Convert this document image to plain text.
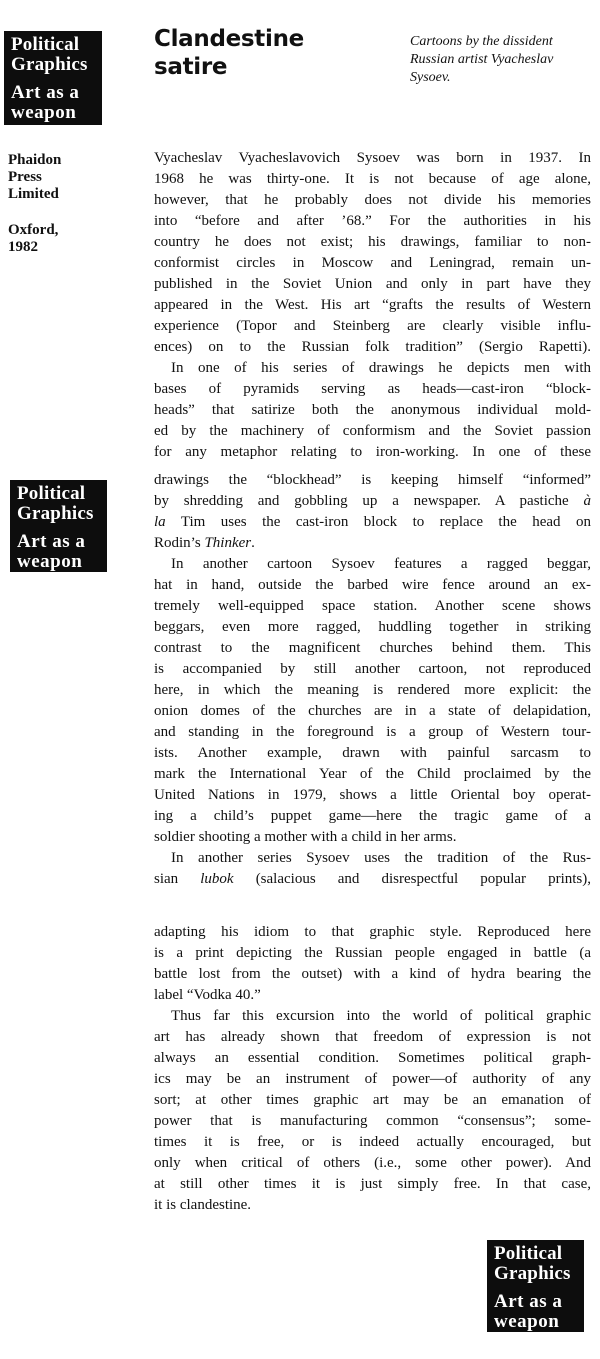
Political
Graphics
Art as a
weapon
Political
Graphics
Art as a
weapon
Political
Graphics
Art as a
weapon
Phaidon
Press
Limited
Oxford,
1982
Clandestine
satire
Cartoons by the dissident
Russian artist Vyacheslav
Sysoev.

Vyacheslav Vyacheslavovich Sysoev was born in 1937. In
1968 he was thirty-one. It is not because of age alone,
however, that he probably does not divide his memories
into “before and after ’68.” For the authorities in his
country he does not exist; his drawings, familiar to non-
conformist circles in Moscow and Leningrad, remain un-
published in the Soviet Union and only in part have they
appeared in the West. His art “grafts the results of Western
experience (Topor and Steinberg are clearly visible influ-
ences) on to the Russian folk tradition” (Sergio Rapetti).

In one of his series of drawings he depicts men with
bases of pyramids serving as heads—cast-iron “block-
heads” that satirize both the anonymous individual mold-
ed by the machinery of conformism and the Soviet passion
for any metaphor relating to iron-working. In one of these

drawings the “blockhead” is keeping himself “informed”
by shredding and gobbling up a newspaper. A pastiche à
la Tim uses the cast-iron block to replace the head on
Rodin’s Thinker.

In another cartoon Sysoev features a ragged beggar,
hat in hand, outside the barbed wire fence around an ex-
tremely well-equipped space station. Another scene shows
beggars, even more ragged, huddling together in striking
contrast to the magnificent churches behind them. This
is accompanied by still another cartoon, not reproduced
here, in which the meaning is rendered more explicit: the
onion domes of the churches are in a state of delapidation,
and standing in the foreground is a group of Western tour-
ists. Another example, drawn with painful sarcasm to
mark the International Year of the Child proclaimed by the
United Nations in 1979, shows a little Oriental boy operat-
ing a child’s puppet game—here the tragic game of a
soldier shooting a mother with a child in her arms.

In another series Sysoev uses the tradition of the Rus-
sian lubok (salacious and disrespectful popular prints),

adapting his idiom to that graphic style. Reproduced here
is a print depicting the Russian people engaged in battle (a
battle lost from the outset) with a kind of hydra bearing the
label “Vodka 40.”

Thus far this excursion into the world of political graphic
art has already shown that freedom of expression is not
always an essential condition. Sometimes political graph-
ics may be an instrument of power—of authority of any
sort; at other times graphic art may be an emanation of
power that is manufacturing common “consensus”; some-
times it is free, or is indeed actually encouraged, but
only when critical of others (i.e., some other power). And
at still other times it is just simply free. In that case,
it is clandestine.
